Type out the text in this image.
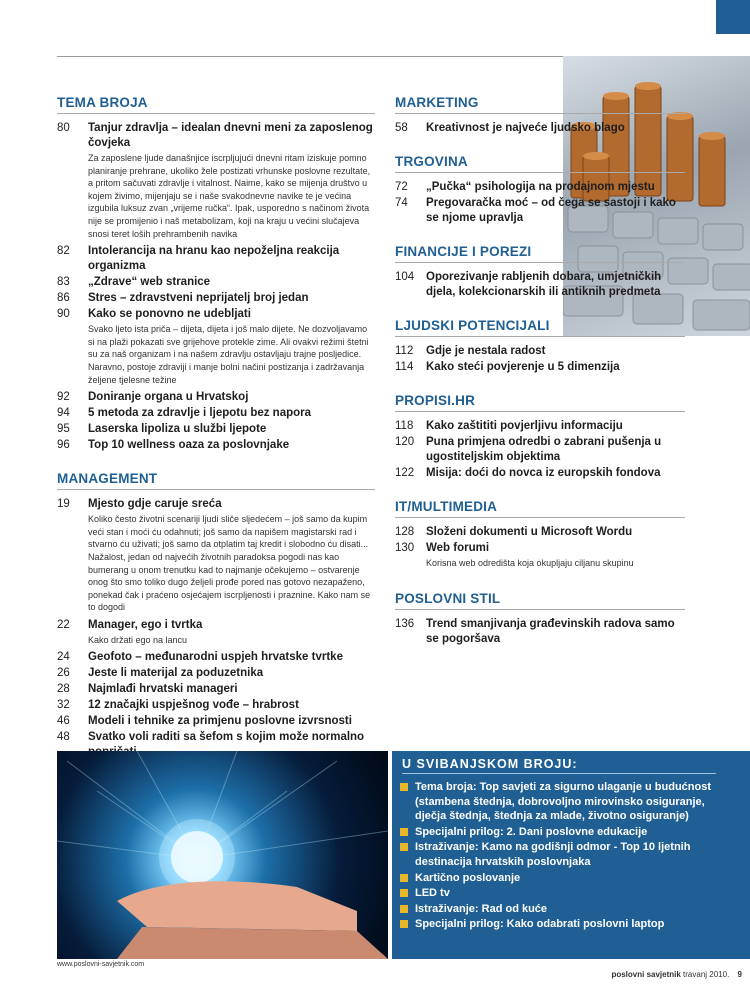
TEMA BROJA
80	Tanjur zdravlja – idealan dnevni meni za zaposlenog čovjeka
Za zaposlene ljude današnjice iscrpljujući dnevni ritam iziskuje pomno planiranje prehrane, ukoliko žele postizati vrhunske poslovne rezultate, a pritom sačuvati zdravlje i vitalnost. Naime, kako se mijenja društvo u kojem živimo, mijenjaju se i naše svakodnevne navike te je većina izgubila luksuz zvan „vrijeme ručka“. Ipak, usporedno s načinom života nije se promijenio i naš metabolizam, koji na kraju u većini slučajeva snosi teret loših prehrambenih navika
82	Intolerancija na hranu kao nepoželjna reakcija organizma
83	„Zdrave“ web stranice
86	Stres – zdravstveni neprijatelj broj jedan
90	Kako se ponovno ne udebljati
Svako ljeto ista priča – dijeta, dijeta i još malo dijete. Ne dozvoljavamo si na plaži pokazati sve grijehove protekle zime. Ali ovakvi režimi štetni su za naš organizam i na našem zdravlju ostavljaju trajne posljedice. Naravno, postoje zdraviji i manje bolni načini postizanja i zadržavanja željene tjelesne težine
92	Doniranje organa u Hrvatskoj
94	5 metoda za zdravlje i ljepotu bez napora
95	Laserska lipoliza u službi ljepote
96	Top 10 wellness oaza za poslovnjake
MANAGEMENT
19	Mjesto gdje caruje sreća
Koliko često životni scenariji ljudi sliče sljedećem – još samo da kupim veći stan i moći ću odahnuti; još samo da napišem magistarski rad i stvarno ću uživati; još samo da otplatim taj kredit i slobodno ću disati... Nažalost, jedan od najvećih životnih paradoksa pogodi nas kao bumerang u onom trenutku kad to najmanje očekujemo – ostvarenje onog što smo toliko dugo željeli prođe pored nas gotovo nezapaženo, ponekad čak i praćeno osjećajem iscrpljenosti i praznine. Kako nam se to dogodi
22	Manager, ego i tvrtka
Kako držati ego na lancu
24	Geofoto – međunarodni uspjeh hrvatske tvrtke
26	Jeste li materijal za poduzetnika
28	Najmlađi hrvatski manageri
32	12 značajki uspješnog vođe – hrabrost
46	Modeli i tehnike za primjenu poslovne izvrsnosti
48	Svatko voli raditi sa šefom s kojim može normalno
MARKETING
58	Kreativnost je najveće ljudsko blago
TRGOVINA
72	„Pučka“ psihologija na prodajnom mjestu
74	Pregovaračka moć – od čega se sastoji i kako se njome upravlja
FINANCIJE I POREZI
104	Oporezivanje rabljenih dobara, umjetničkih djela, kolekcionarskih ili antiknih predmeta
LJUDSKI POTENCIJALI
112	Gdje je nestala radost
114	Kako steći povjerenje u 5 dimenzija
PROPISI.HR
118	Kako zaštititi povjerljivu informaciju
120	Puna primjena odredbi o zabrani pušenja u ugostiteljskim objektima
122	Misija: doći do novca iz europskih fondova
IT/MULTIMEDIA
128	Složeni dokumenti u Microsoft Wordu
130	Web forumi
Korisna web odredišta koja okupljaju ciljanu skupinu
POSLOVNI STIL
136	Trend smanjivanja građevinskih radova samo se pogoršava
U SVIBANJSKOM BROJU:
Tema broja: Top savjeti za sigurno ulaganje u budućnost (stambena štednja, dobrovoljno mirovinsko osiguranje, dječja štednja, štednja za mlade, životno osiguranje)
Specijalni prilog: 2. Dani poslovne edukacije
Istraživanje: Kamo na godišnji odmor - Top 10 ljetnih destinacija hrvatskih poslovnjaka
Kartično poslovanje
LED tv
Istraživanje: Rad od kuće
Specijalni prilog: Kako odabrati poslovni laptop
www.poslovni-savjetnik.com
poslovni savjetnik travanj 2010. 9
